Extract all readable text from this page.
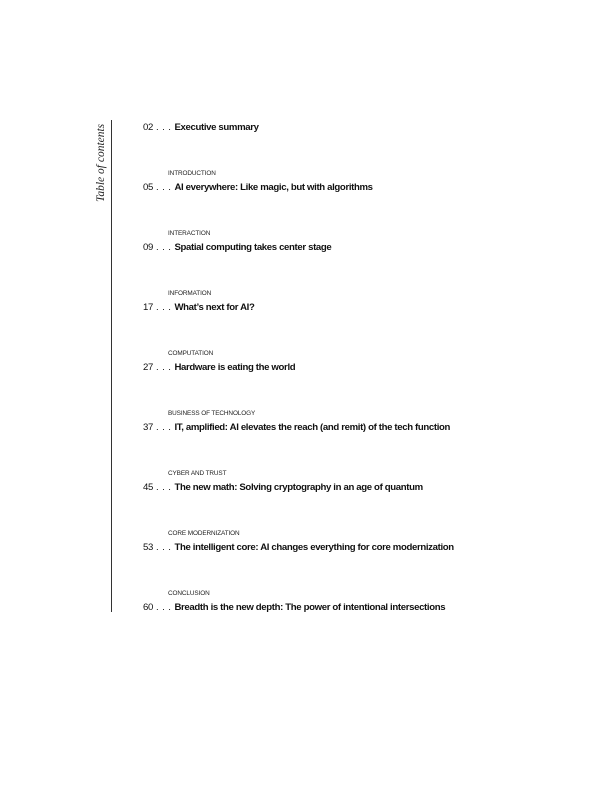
Table of contents	02 . . . Executive summary
INTRODUCTION
05 . . . AI everywhere: Like magic, but with algorithms
INTERACTION
09 . . . Spatial computing takes center stage
INFORMATION
17 . . . What’s next for AI?
COMPUTATION
27 . . . Hardware is eating the world
BUSINESS OF TECHNOLOGY
37 . . . IT, amplified: AI elevates the reach (and remit) of the tech function
CYBER AND TRUST
45 . . . The new math: Solving cryptography in an age of quantum
CORE MODERNIZATION
53 . . . The intelligent core: AI changes everything for core modernization
CONCLUSION
60 . . . Breadth is the new depth: The power of intentional intersections
